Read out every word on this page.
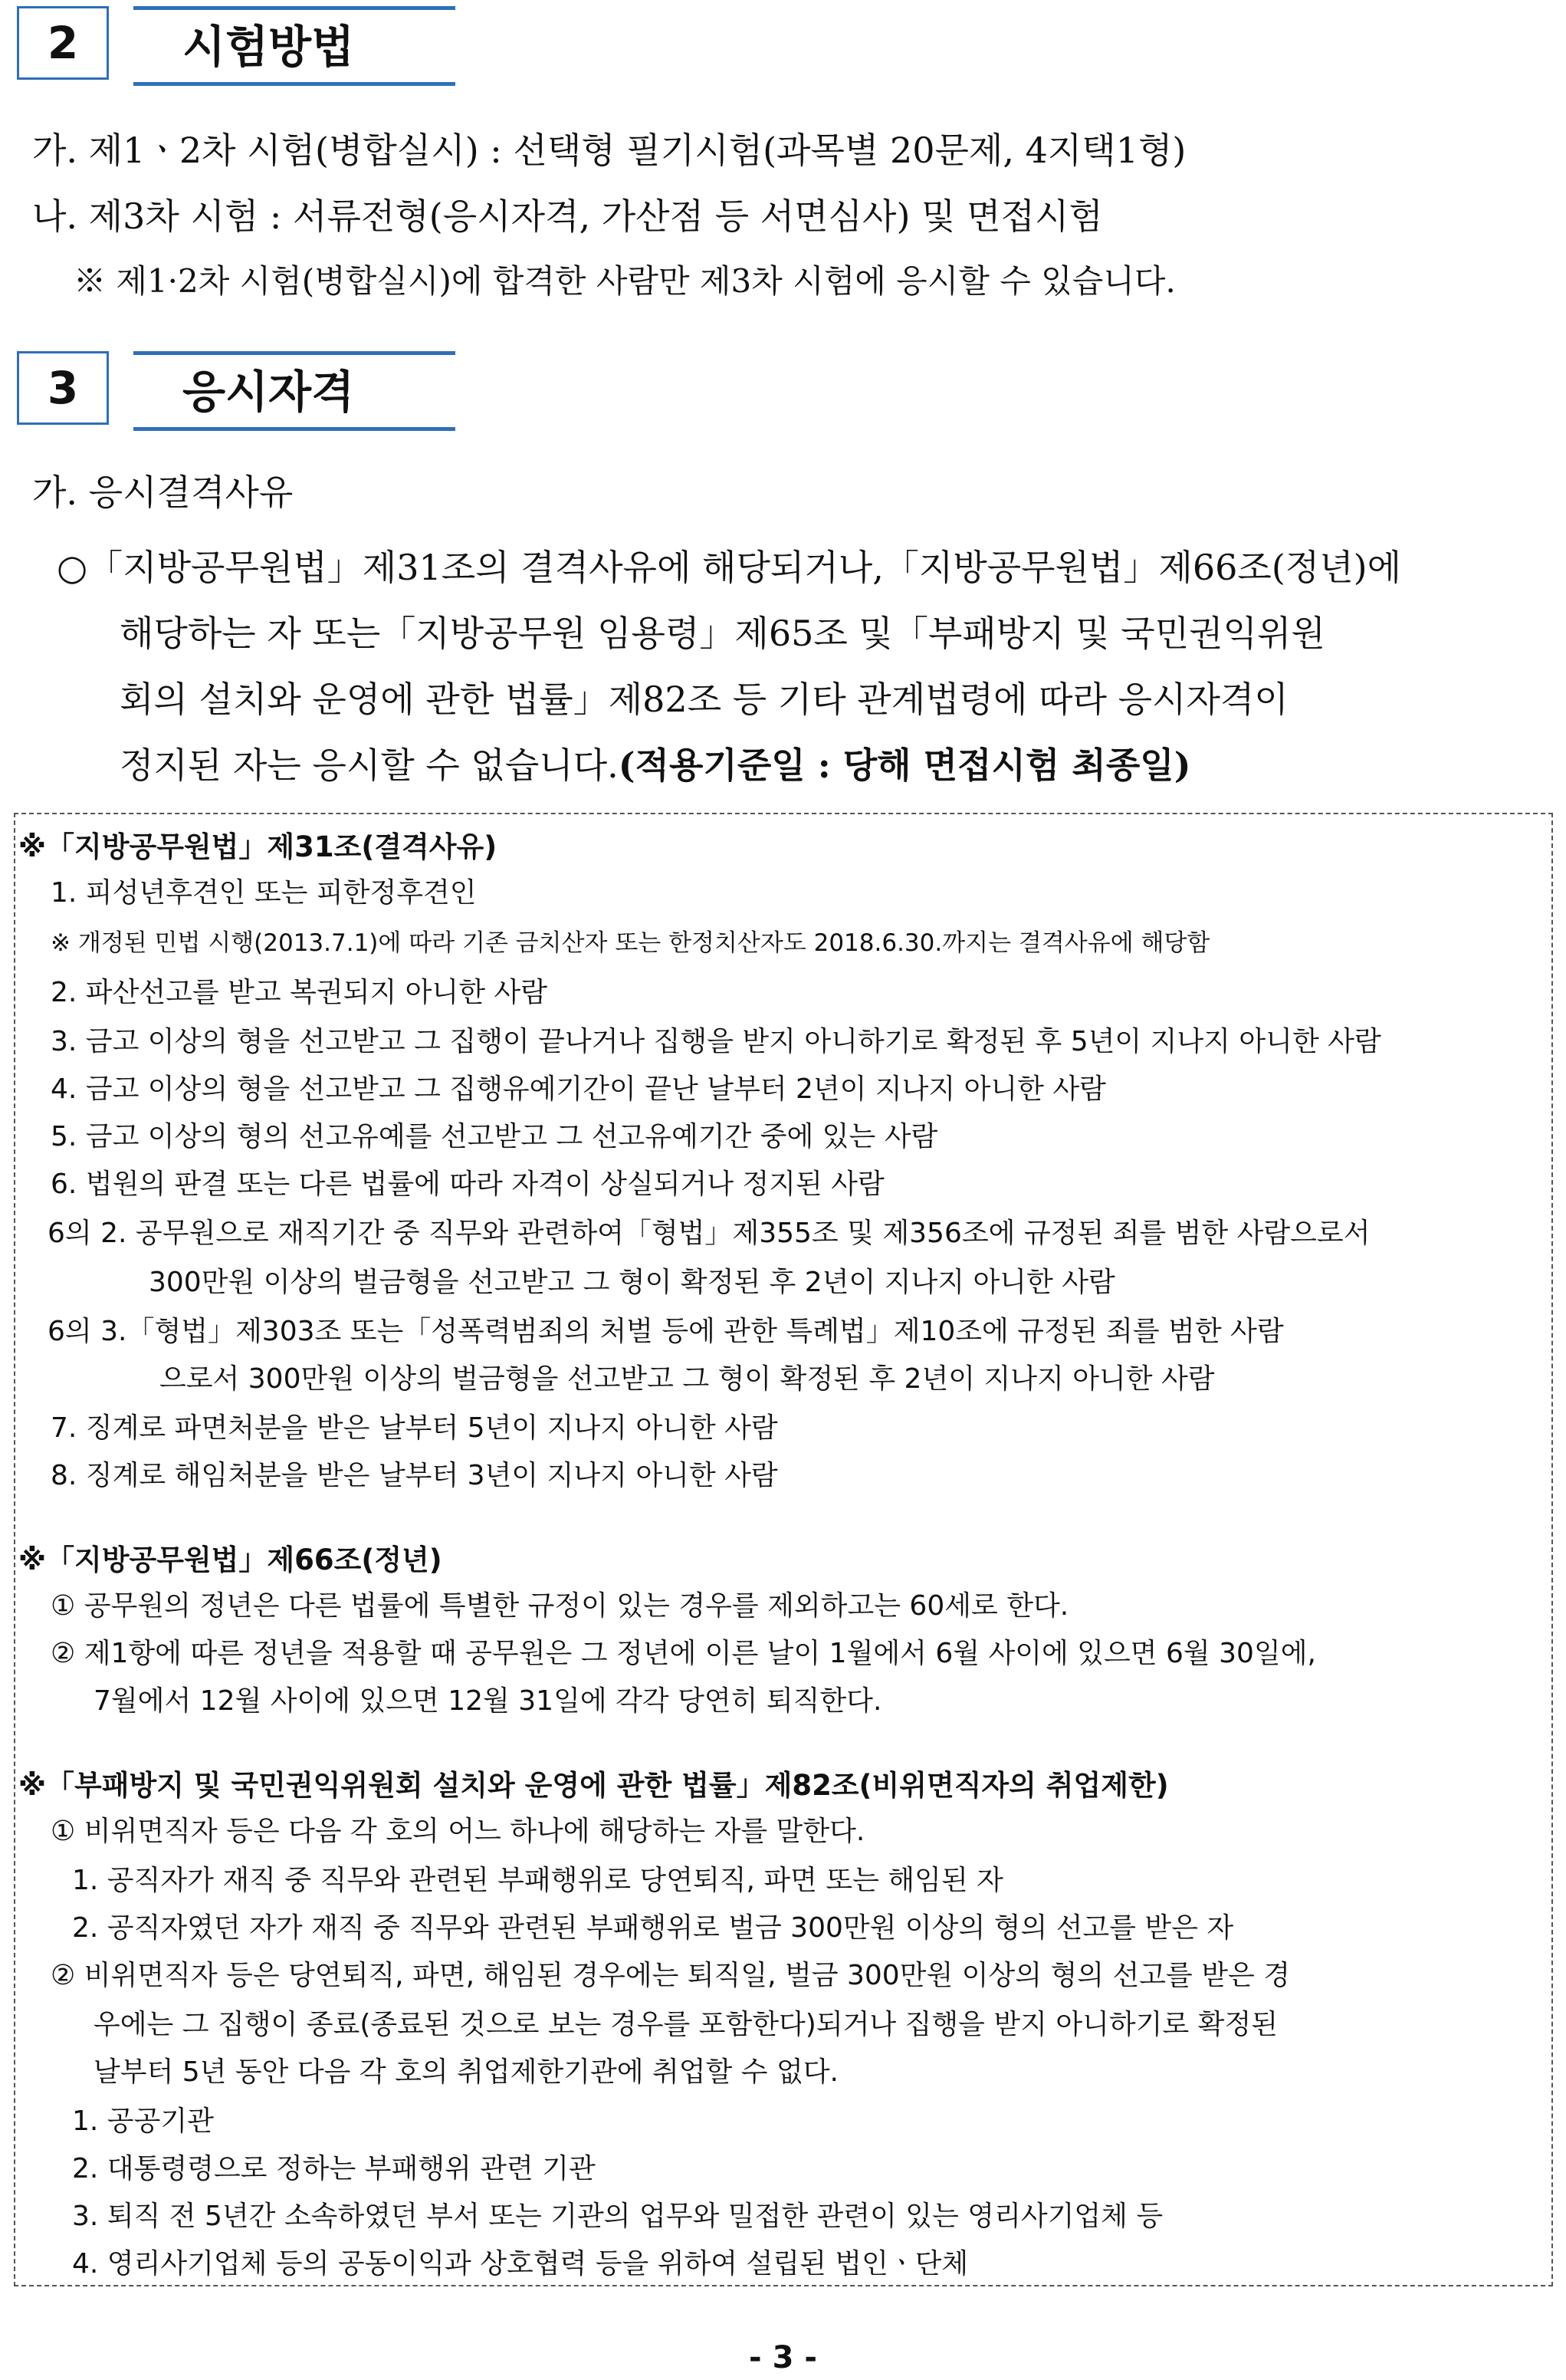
2	시험방법
가. 제1ㆍ2차 시험(병합실시) : 선택형 필기시험(과목별 20문제, 4지택1형)
나. 제3차 시험 : 서류전형(응시자격, 가산점 등 서면심사) 및 면접시험
※ 제1·2차 시험(병합실시)에 합격한 사람만 제3차 시험에 응시할 수 있습니다.
3	응시자격
가. 응시결격사유
○「지방공무원법」제31조의 결격사유에 해당되거나,「지방공무원법」제66조(정년)에
해당하는 자 또는「지방공무원 임용령」제65조 및「부패방지 및 국민권익위원
회의 설치와 운영에 관한 법률」제82조 등 기타 관계법령에 따라 응시자격이
정지된 자는 응시할 수 없습니다.(적용기준일 : 당해 면접시험 최종일)
※「지방공무원법」제31조(결격사유)
1. 피성년후견인 또는 피한정후견인
※ 개정된 민법 시행(2013.7.1)에 따라 기존 금치산자 또는 한정치산자도 2018.6.30.까지는 결격사유에 해당함
2. 파산선고를 받고 복권되지 아니한 사람
3. 금고 이상의 형을 선고받고 그 집행이 끝나거나 집행을 받지 아니하기로 확정된 후 5년이 지나지 아니한 사람
4. 금고 이상의 형을 선고받고 그 집행유예기간이 끝난 날부터 2년이 지나지 아니한 사람
5. 금고 이상의 형의 선고유예를 선고받고 그 선고유예기간 중에 있는 사람
6. 법원의 판결 또는 다른 법률에 따라 자격이 상실되거나 정지된 사람
6의 2. 공무원으로 재직기간 중 직무와 관련하여「형법」제355조 및 제356조에 규정된 죄를 범한 사람으로서
300만원 이상의 벌금형을 선고받고 그 형이 확정된 후 2년이 지나지 아니한 사람
6의 3.「형법」제303조 또는「성폭력범죄의 처벌 등에 관한 특례법」제10조에 규정된 죄를 범한 사람
으로서 300만원 이상의 벌금형을 선고받고 그 형이 확정된 후 2년이 지나지 아니한 사람
7. 징계로 파면처분을 받은 날부터 5년이 지나지 아니한 사람
8. 징계로 해임처분을 받은 날부터 3년이 지나지 아니한 사람
※「지방공무원법」제66조(정년)
① 공무원의 정년은 다른 법률에 특별한 규정이 있는 경우를 제외하고는 60세로 한다.
② 제1항에 따른 정년을 적용할 때 공무원은 그 정년에 이른 날이 1월에서 6월 사이에 있으면 6월 30일에,
7월에서 12월 사이에 있으면 12월 31일에 각각 당연히 퇴직한다.
※「부패방지 및 국민권익위원회 설치와 운영에 관한 법률」제82조(비위면직자의 취업제한)
① 비위면직자 등은 다음 각 호의 어느 하나에 해당하는 자를 말한다.
1. 공직자가 재직 중 직무와 관련된 부패행위로 당연퇴직, 파면 또는 해임된 자
2. 공직자였던 자가 재직 중 직무와 관련된 부패행위로 벌금 300만원 이상의 형의 선고를 받은 자
② 비위면직자 등은 당연퇴직, 파면, 해임된 경우에는 퇴직일, 벌금 300만원 이상의 형의 선고를 받은 경
우에는 그 집행이 종료(종료된 것으로 보는 경우를 포함한다)되거나 집행을 받지 아니하기로 확정된
날부터 5년 동안 다음 각 호의 취업제한기관에 취업할 수 없다.
1. 공공기관
2. 대통령령으로 정하는 부패행위 관련 기관
3. 퇴직 전 5년간 소속하였던 부서 또는 기관의 업무와 밀접한 관련이 있는 영리사기업체 등
4. 영리사기업체 등의 공동이익과 상호협력 등을 위하여 설립된 법인ㆍ단체
- 3 -
